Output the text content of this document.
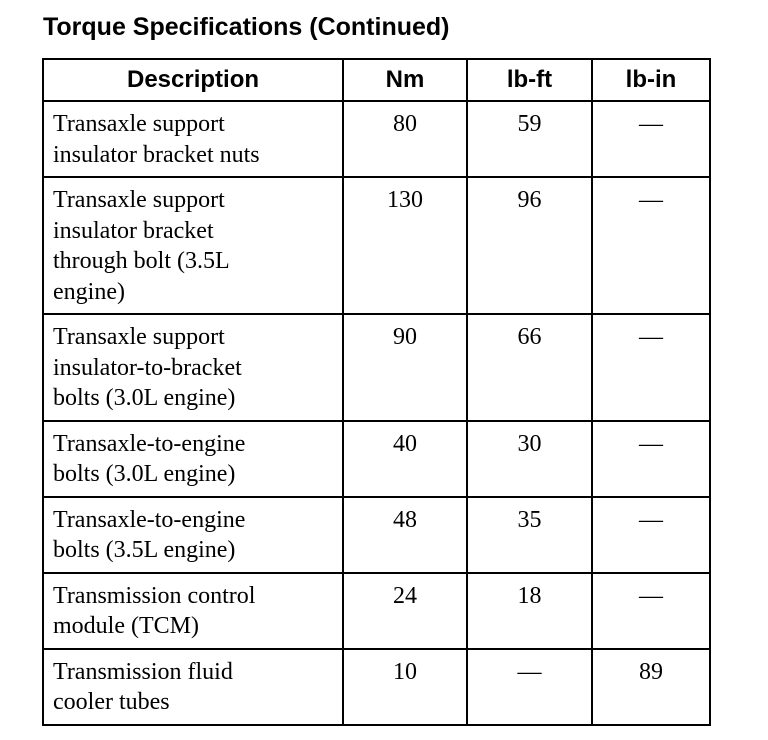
Torque Specifications (Continued)
Description	Nm	lb-ft	lb-in

Transaxle support insulator bracket nuts	80	59	—

Transaxle support insulator bracket through bolt (3.5L engine)	130	96	—

Transaxle support insulator-to-bracket bolts (3.0L engine)	90	66	—

Transaxle-to-engine bolts (3.0L engine)	40	30	—

Transaxle-to-engine bolts (3.5L engine)	48	35	—

Transmission control module (TCM)	24	18	—

Transmission fluid cooler tubes	10	—	89
